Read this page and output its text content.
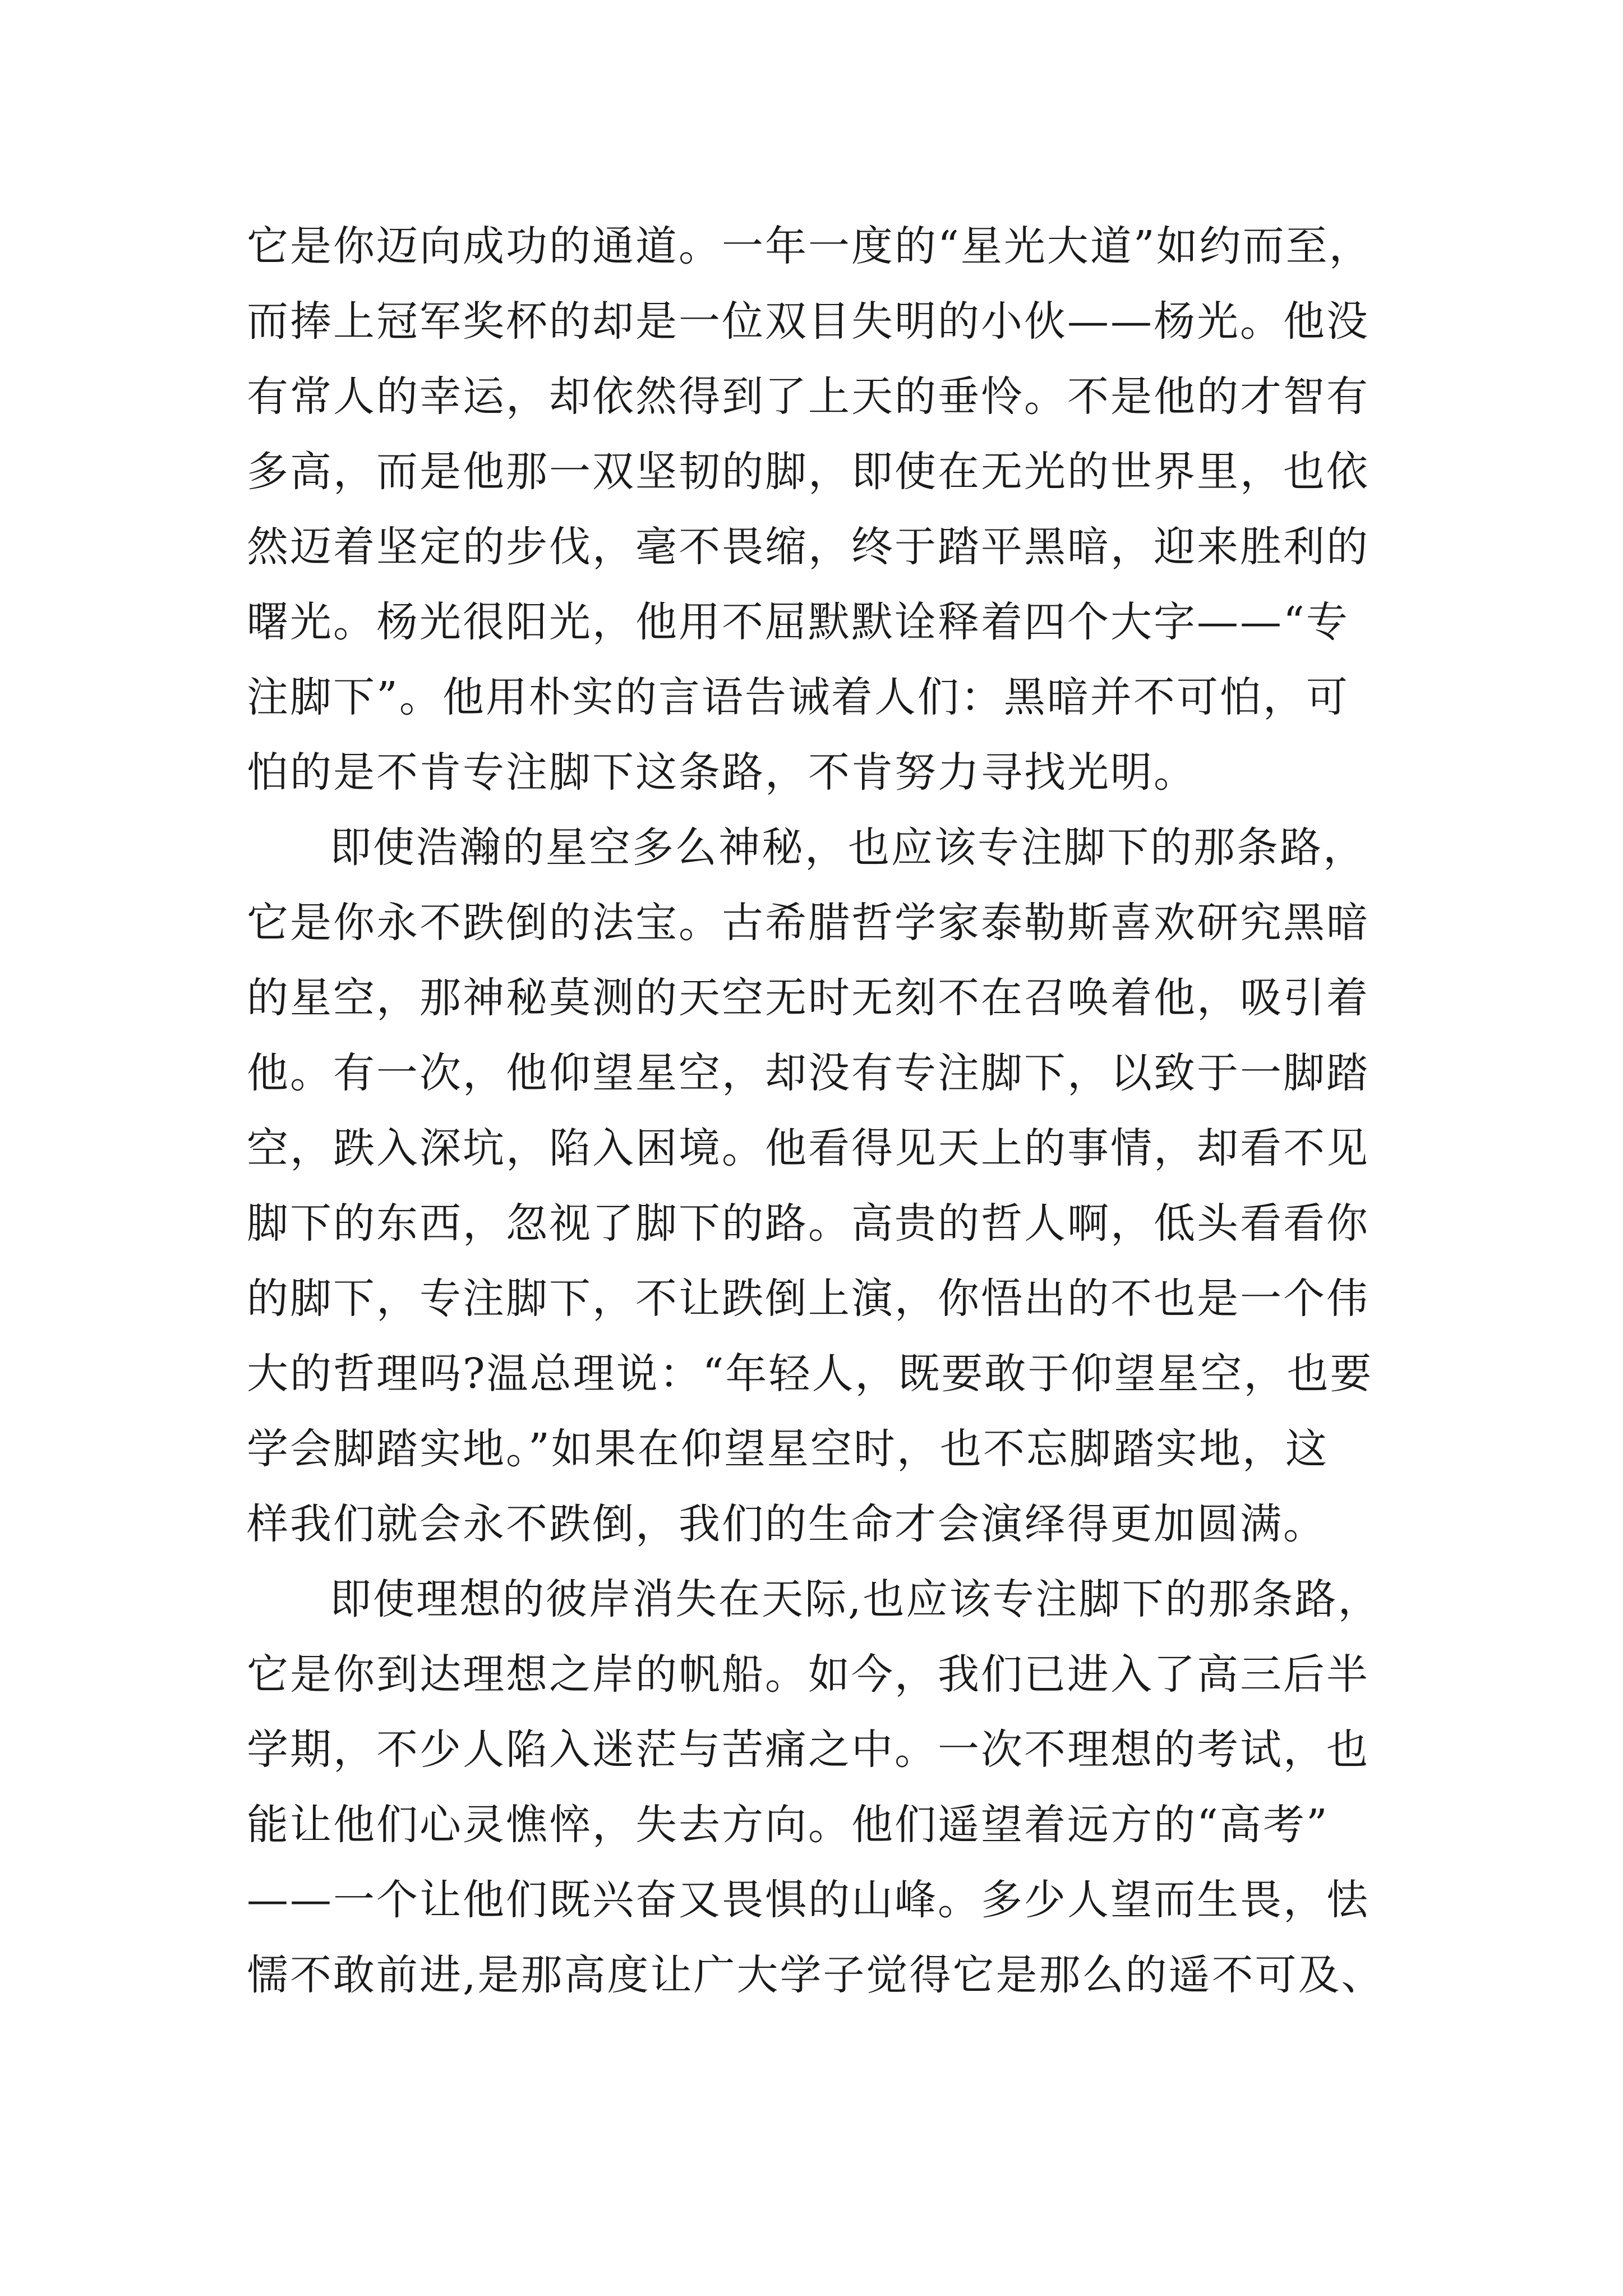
它是你迈向成功的通道。一年一度的“星光大道”如约而至，
而捧上冠军奖杯的却是一位双目失明的小伙——杨光。他没
有常人的幸运，却依然得到了上天的垂怜。不是他的才智有
多高，而是他那一双坚韧的脚，即使在无光的世界里，也依
然迈着坚定的步伐，毫不畏缩，终于踏平黑暗，迎来胜利的
曙光。杨光很阳光，他用不屈默默诠释着四个大字——“专
注脚下”。他用朴实的言语告诫着人们：黑暗并不可怕，可
怕的是不肯专注脚下这条路，不肯努力寻找光明。
即使浩瀚的星空多么神秘，也应该专注脚下的那条路，
它是你永不跌倒的法宝。古希腊哲学家泰勒斯喜欢研究黑暗
的星空，那神秘莫测的天空无时无刻不在召唤着他，吸引着
他。有一次，他仰望星空，却没有专注脚下，以致于一脚踏
空，跌入深坑，陷入困境。他看得见天上的事情，却看不见
脚下的东西，忽视了脚下的路。高贵的哲人啊，低头看看你
的脚下，专注脚下，不让跌倒上演，你悟出的不也是一个伟
大的哲理吗?温总理说：“年轻人，既要敢于仰望星空，也要
学会脚踏实地。”如果在仰望星空时，也不忘脚踏实地，这
样我们就会永不跌倒，我们的生命才会演绎得更加圆满。
即使理想的彼岸消失在天际,也应该专注脚下的那条路，
它是你到达理想之岸的帆船。如今，我们已进入了高三后半
学期，不少人陷入迷茫与苦痛之中。一次不理想的考试，也
能让他们心灵憔悴，失去方向。他们遥望着远方的“高考”
——一个让他们既兴奋又畏惧的山峰。多少人望而生畏，怯
懦不敢前进,是那高度让广大学子觉得它是那么的遥不可及、
